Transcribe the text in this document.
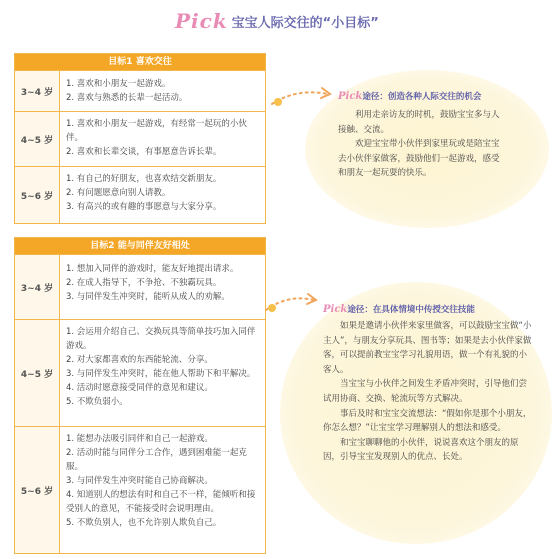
Pick 宝宝人际交往的“小目标”
目标1 喜欢交往
3~4 岁
1. 喜欢和小朋友一起游戏。
2. 喜欢与熟悉的长辈一起活动。
4~5 岁
1. 喜欢和小朋友一起游戏，有经常一起玩的小伙伴。
2. 喜欢和长辈交谈，有事愿意告诉长辈。
5~6 岁
1. 有自己的好朋友，也喜欢结交新朋友。
2. 有问题愿意向别人请教。
3. 有高兴的或有趣的事愿意与大家分享。
目标2 能与同伴友好相处
3~4 岁
1. 想加入同伴的游戏时，能友好地提出请求。
2. 在成人指导下，不争抢、不独霸玩具。
3. 与同伴发生冲突时，能听从成人的劝解。
4~5 岁
1. 会运用介绍自己、交换玩具等简单技巧加入同伴游戏。
2. 对大家都喜欢的东西能轮流、分享。
3. 与同伴发生冲突时，能在他人帮助下和平解决。
4. 活动时愿意接受同伴的意见和建议。
5. 不欺负弱小。
5~6 岁
1. 能想办法吸引同伴和自己一起游戏。
2. 活动时能与同伴分工合作，遇到困难能一起克服。
3. 与同伴发生冲突时能自己协商解决。
4. 知道别人的想法有时和自己不一样，能倾听和接受别人的意见，不能接受时会说明理由。
5. 不欺负别人，也不允许别人欺负自己。
Pick途径：创造各种人际交往的机会

利用走亲访友的时机，鼓励宝宝多与人接触、交流。

欢迎宝宝带小伙伴到家里玩或是陪宝宝去小伙伴家做客，鼓励他们一起游戏，感受和朋友一起玩耍的快乐。

Pick途径：在具体情境中传授交往技能

如果是邀请小伙伴来家里做客，可以鼓励宝宝做“小主人”，与朋友分享玩具、图书等；如果是去小伙伴家做客，可以提前教宝宝学习礼貌用语，做一个有礼貌的小客人。

当宝宝与小伙伴之间发生矛盾冲突时，引导他们尝试用协商、交换、轮流玩等方式解决。

事后及时和宝宝交流想法：“假如你是那个小朋友，你怎么想？”让宝宝学习理解别人的想法和感受。

和宝宝聊聊他的小伙伴，说说喜欢这个朋友的原因，引导宝宝发现别人的优点、长处。
